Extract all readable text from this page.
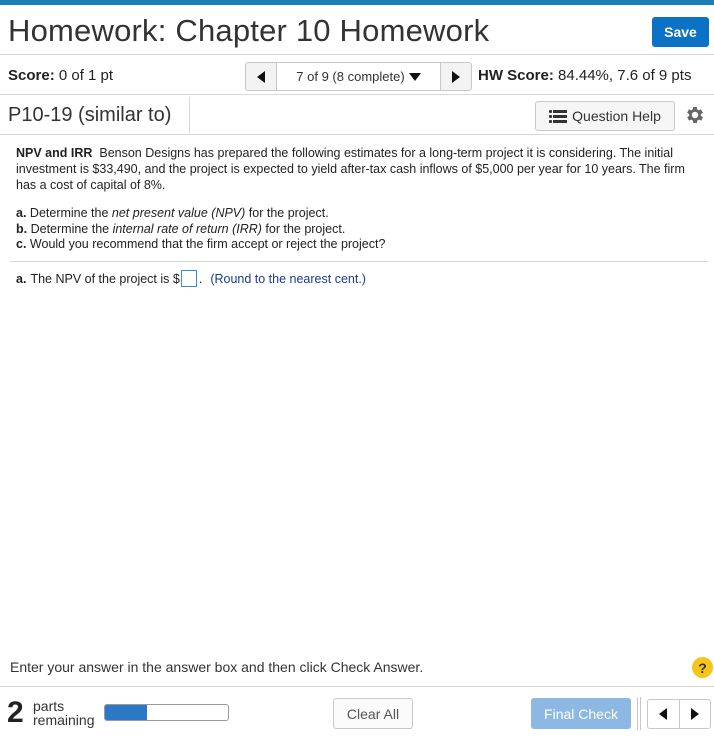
Homework: Chapter 10 Homework	Save
Score: 0 of 1 pt	7 of 9 (8 complete)	HW Score: 84.44%, 7.6 of 9 pts
P10-19 (similar to)	Question Help
NPV and IRR Benson Designs has prepared the following estimates for a long-term project it is considering. The initial investment is $33,490, and the project is expected to yield after-tax cash inflows of $5,000 per year for 10 years. The firm has a cost of capital of 8%.
a. Determine the net present value (NPV) for the project.
b. Determine the internal rate of return (IRR) for the project.
c. Would you recommend that the firm accept or reject the project?
a. The NPV of the project is $ . (Round to the nearest cent.)
Enter your answer in the answer box and then click Check Answer.	?
2 parts
remaining	Clear All	Final Check
